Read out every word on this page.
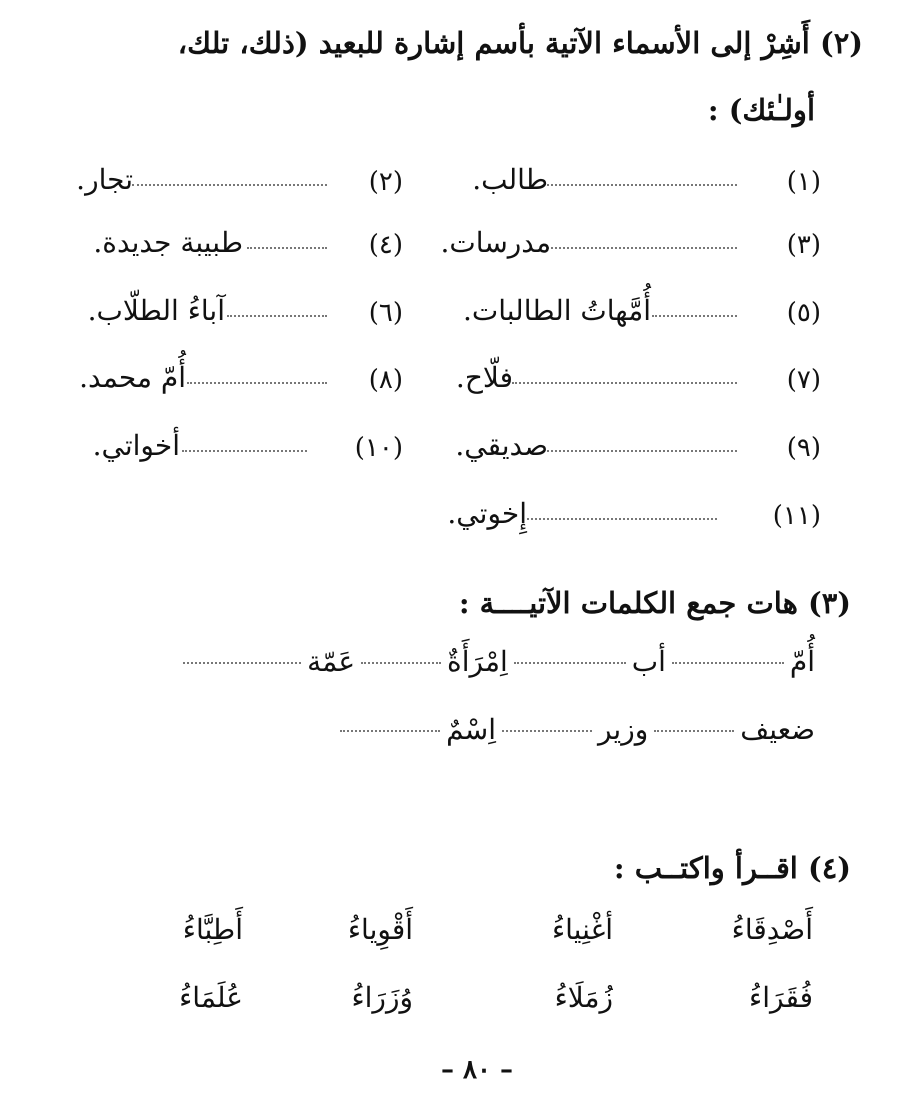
(٢) أَشِرْ إلى الأسماء الآتية بأسم إشارة للبعيد (ذلك، تلك،
أولـٰئك) :
(١)
طالب.
(٣)
مدرسات.
(٥)
أُمَّهاتُ الطالبات.
(٧)
فلّاح.
(٩)
صديقي.
(١١)
إِخوتي.
(٢)
تجار.
(٤)
طبيبة جديدة.
(٦)
آباءُ الطلّاب.
(٨)
أُمّ محمد.
(١٠)
أخواتي.
(٣) هات جمع الكلمات الآتيــــة :
أُمّ
أب
اِمْرَأَةٌ
عَمّة
ضعيف
وزير
اِسْمٌ
(٤) اقــرأ واكتــب :
أَصْدِقَاءُ
أغْنِياءُ
أَقْوِياءُ
أَطِبَّاءُ
فُقَرَاءُ
زُمَلَاءُ
وُزَرَاءُ
عُلَمَاءُ
– ٨٠ –
